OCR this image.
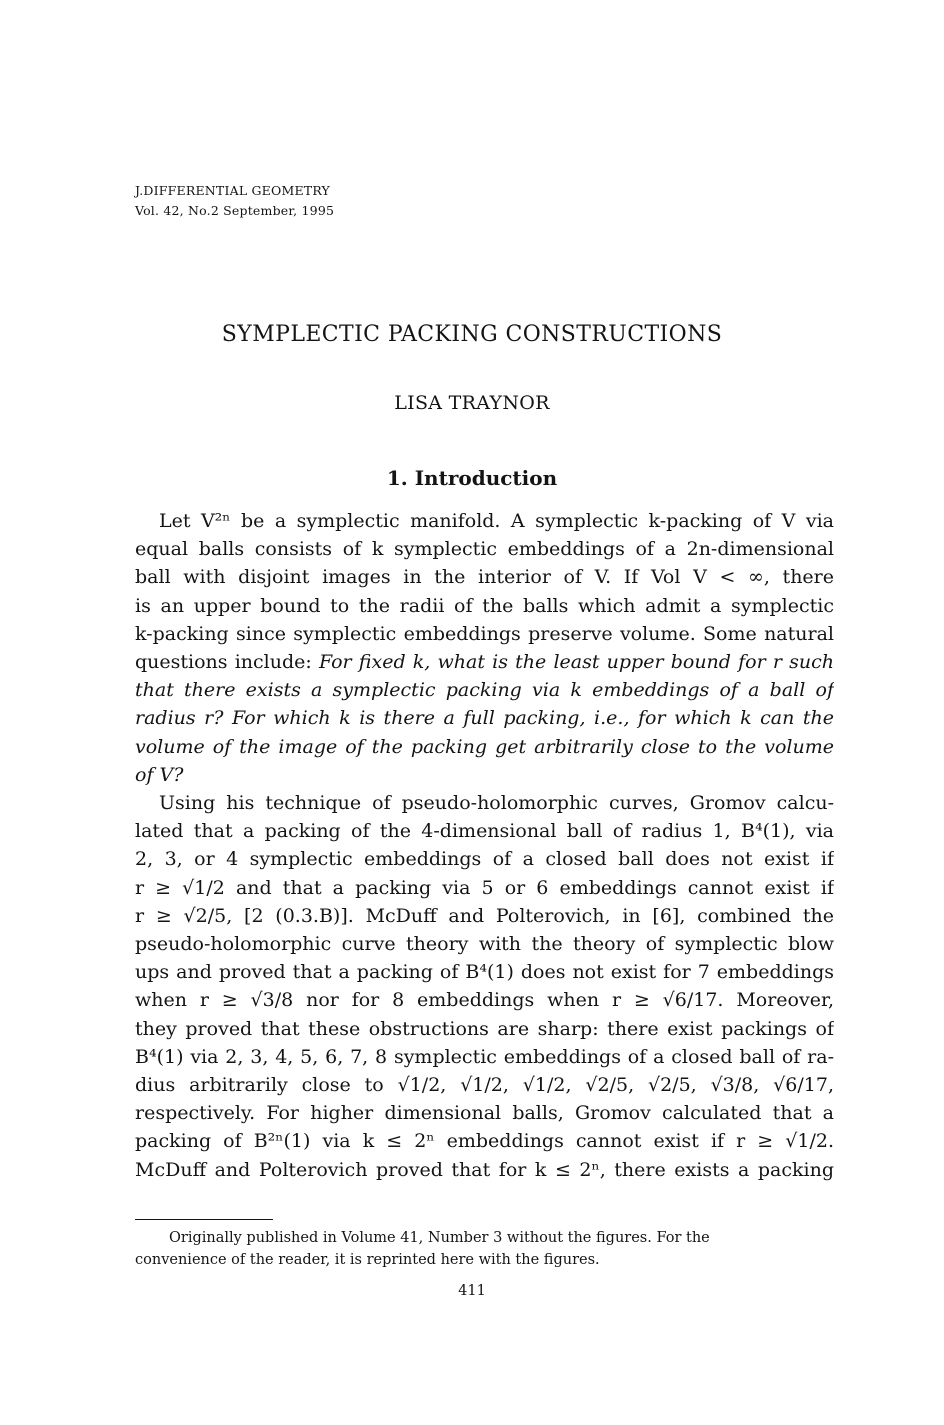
J.DIFFERENTIAL GEOMETRY
Vol. 42, No.2 September, 1995
SYMPLECTIC PACKING CONSTRUCTIONS
LISA TRAYNOR
1. Introduction
Let V²ⁿ be a symplectic manifold. A symplectic k-packing of V via
equal balls consists of k symplectic embeddings of a 2n-dimensional
ball with disjoint images in the interior of V. If Vol V < ∞, there
is an upper bound to the radii of the balls which admit a symplectic
k-packing since symplectic embeddings preserve volume. Some natural
questions include: For fixed k, what is the least upper bound for r such
that there exists a symplectic packing via k embeddings of a ball of
radius r? For which k is there a full packing, i.e., for which k can the
volume of the image of the packing get arbitrarily close to the volume
of V?
Using his technique of pseudo-holomorphic curves, Gromov calcu-
lated that a packing of the 4-dimensional ball of radius 1, B⁴(1), via
2, 3, or 4 symplectic embeddings of a closed ball does not exist if
r ≥ √1/2 and that a packing via 5 or 6 embeddings cannot exist if
r ≥ √2/5, [2 (0.3.B)]. McDuff and Polterovich, in [6], combined the
pseudo-holomorphic curve theory with the theory of symplectic blow
ups and proved that a packing of B⁴(1) does not exist for 7 embeddings
when r ≥ √3/8 nor for 8 embeddings when r ≥ √6/17. Moreover,
they proved that these obstructions are sharp: there exist packings of
B⁴(1) via 2, 3, 4, 5, 6, 7, 8 symplectic embeddings of a closed ball of ra-
dius arbitrarily close to √1/2, √1/2, √1/2, √2/5, √2/5, √3/8, √6/17,
respectively. For higher dimensional balls, Gromov calculated that a
packing of B²ⁿ(1) via k ≤ 2ⁿ embeddings cannot exist if r ≥ √1/2.
McDuff and Polterovich proved that for k ≤ 2ⁿ, there exists a packing
Originally published in Volume 41, Number 3 without the figures. For the
convenience of the reader, it is reprinted here with the figures.
411
